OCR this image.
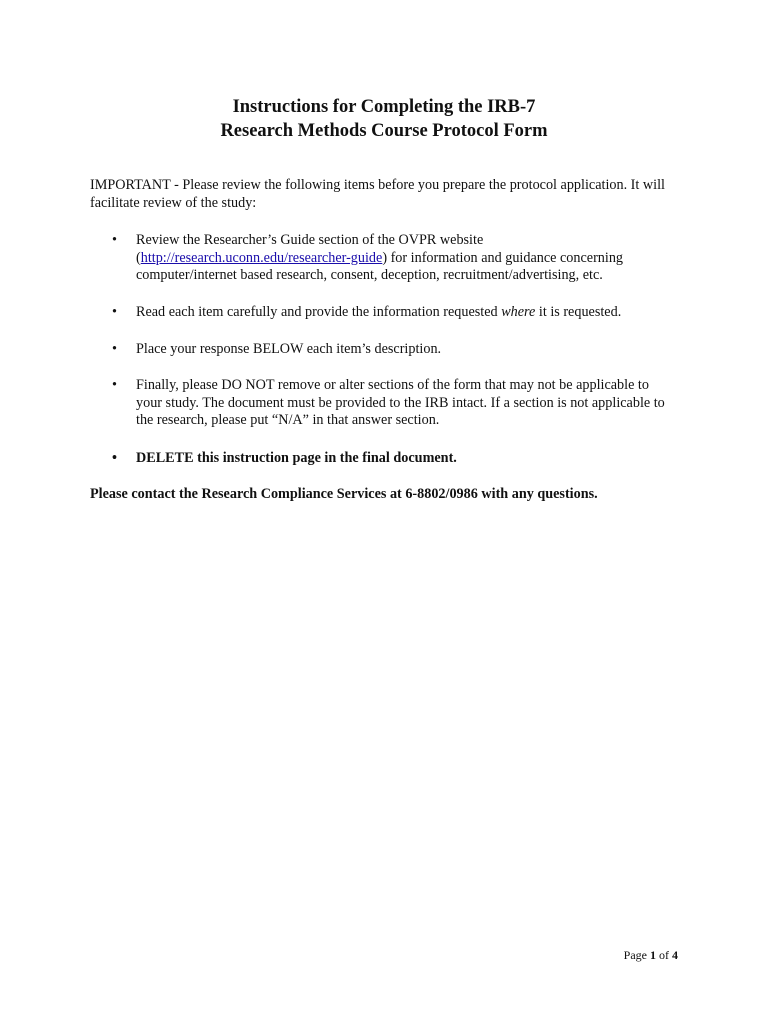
Instructions for Completing the IRB-7
Research Methods Course Protocol Form
IMPORTANT - Please review the following items before you prepare the protocol application. It will facilitate review of the study:
• Review the Researcher’s Guide section of the OVPR website (http://research.uconn.edu/researcher-guide) for information and guidance concerning computer/internet based research, consent, deception, recruitment/advertising, etc.
• Read each item carefully and provide the information requested where it is requested.
• Place your response BELOW each item’s description.
• Finally, please DO NOT remove or alter sections of the form that may not be applicable to your study. The document must be provided to the IRB intact. If a section is not applicable to the research, please put “N/A” in that answer section.
• DELETE this instruction page in the final document.
Please contact the Research Compliance Services at 6-8802/0986 with any questions.
Page 1 of 4
